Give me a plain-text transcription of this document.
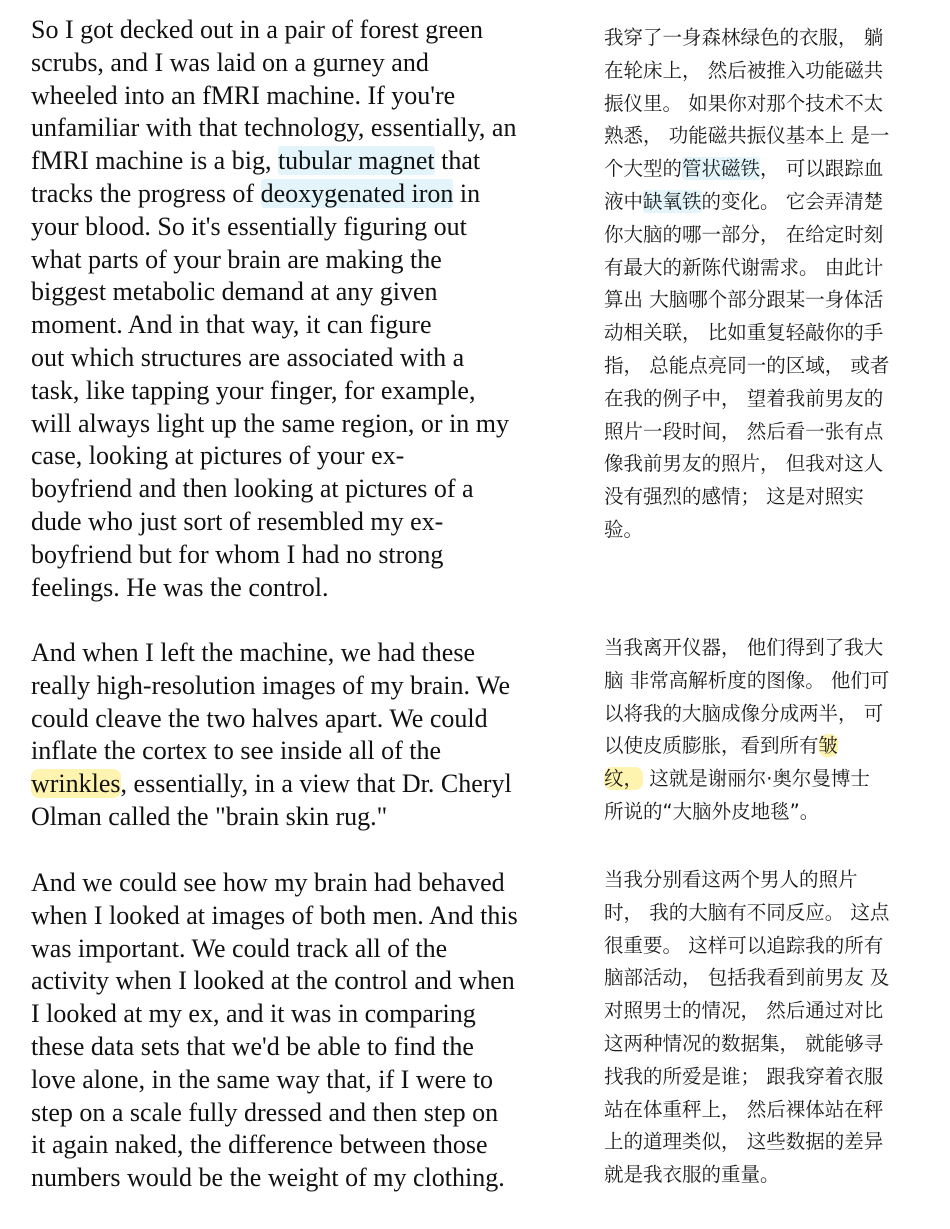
So I got decked out in a pair of forest green
scrubs, and I was laid on a gurney and
wheeled into an fMRI machine. If you're
unfamiliar with that technology, essentially, an
fMRI machine is a big, tubular magnet that
tracks the progress of deoxygenated iron in
your blood. So it's essentially figuring out
what parts of your brain are making the
biggest metabolic demand at any given
moment. And in that way, it can figure
out which structures are associated with a
task, like tapping your finger, for example,
will always light up the same region, or in my
case, looking at pictures of your ex-
boyfriend and then looking at pictures of a
dude who just sort of resembled my ex-
boyfriend but for whom I had no strong
feelings. He was the control.
我穿了一身森林绿色的衣服， 躺
在轮床上， 然后被推入功能磁共
振仪里。 如果你对那个技术不太
熟悉， 功能磁共振仪基本上 是一
个大型的管状磁铁， 可以跟踪血
液中缺氧铁的变化。 它会弄清楚
你大脑的哪一部分， 在给定时刻
有最大的新陈代谢需求。 由此计
算出 大脑哪个部分跟某一身体活
动相关联， 比如重复轻敲你的手
指， 总能点亮同一的区域， 或者
在我的例子中， 望着我前男友的
照片一段时间， 然后看一张有点
像我前男友的照片， 但我对这人
没有强烈的感情； 这是对照实
验。
And when I left the machine, we had these
really high-resolution images of my brain. We
could cleave the two halves apart. We could
inflate the cortex to see inside all of the
wrinkles, essentially, in a view that Dr. Cheryl
Olman called the "brain skin rug."
当我离开仪器， 他们得到了我大
脑 非常高解析度的图像。 他们可
以将我的大脑成像分成两半， 可
以使皮质膨胀，看到所有皱
纹， 这就是谢丽尔·奥尔曼博士
所说的“大脑外皮地毯”。
And we could see how my brain had behaved
when I looked at images of both men. And this
was important. We could track all of the
activity when I looked at the control and when
I looked at my ex, and it was in comparing
these data sets that we'd be able to find the
love alone, in the same way that, if I were to
step on a scale fully dressed and then step on
it again naked, the difference between those
numbers would be the weight of my clothing.
当我分别看这两个男人的照片
时， 我的大脑有不同反应。 这点
很重要。 这样可以追踪我的所有
脑部活动， 包括我看到前男友 及
对照男士的情况， 然后通过对比
这两种情况的数据集， 就能够寻
找我的所爱是谁； 跟我穿着衣服
站在体重秤上， 然后裸体站在秤
上的道理类似， 这些数据的差异
就是我衣服的重量。
